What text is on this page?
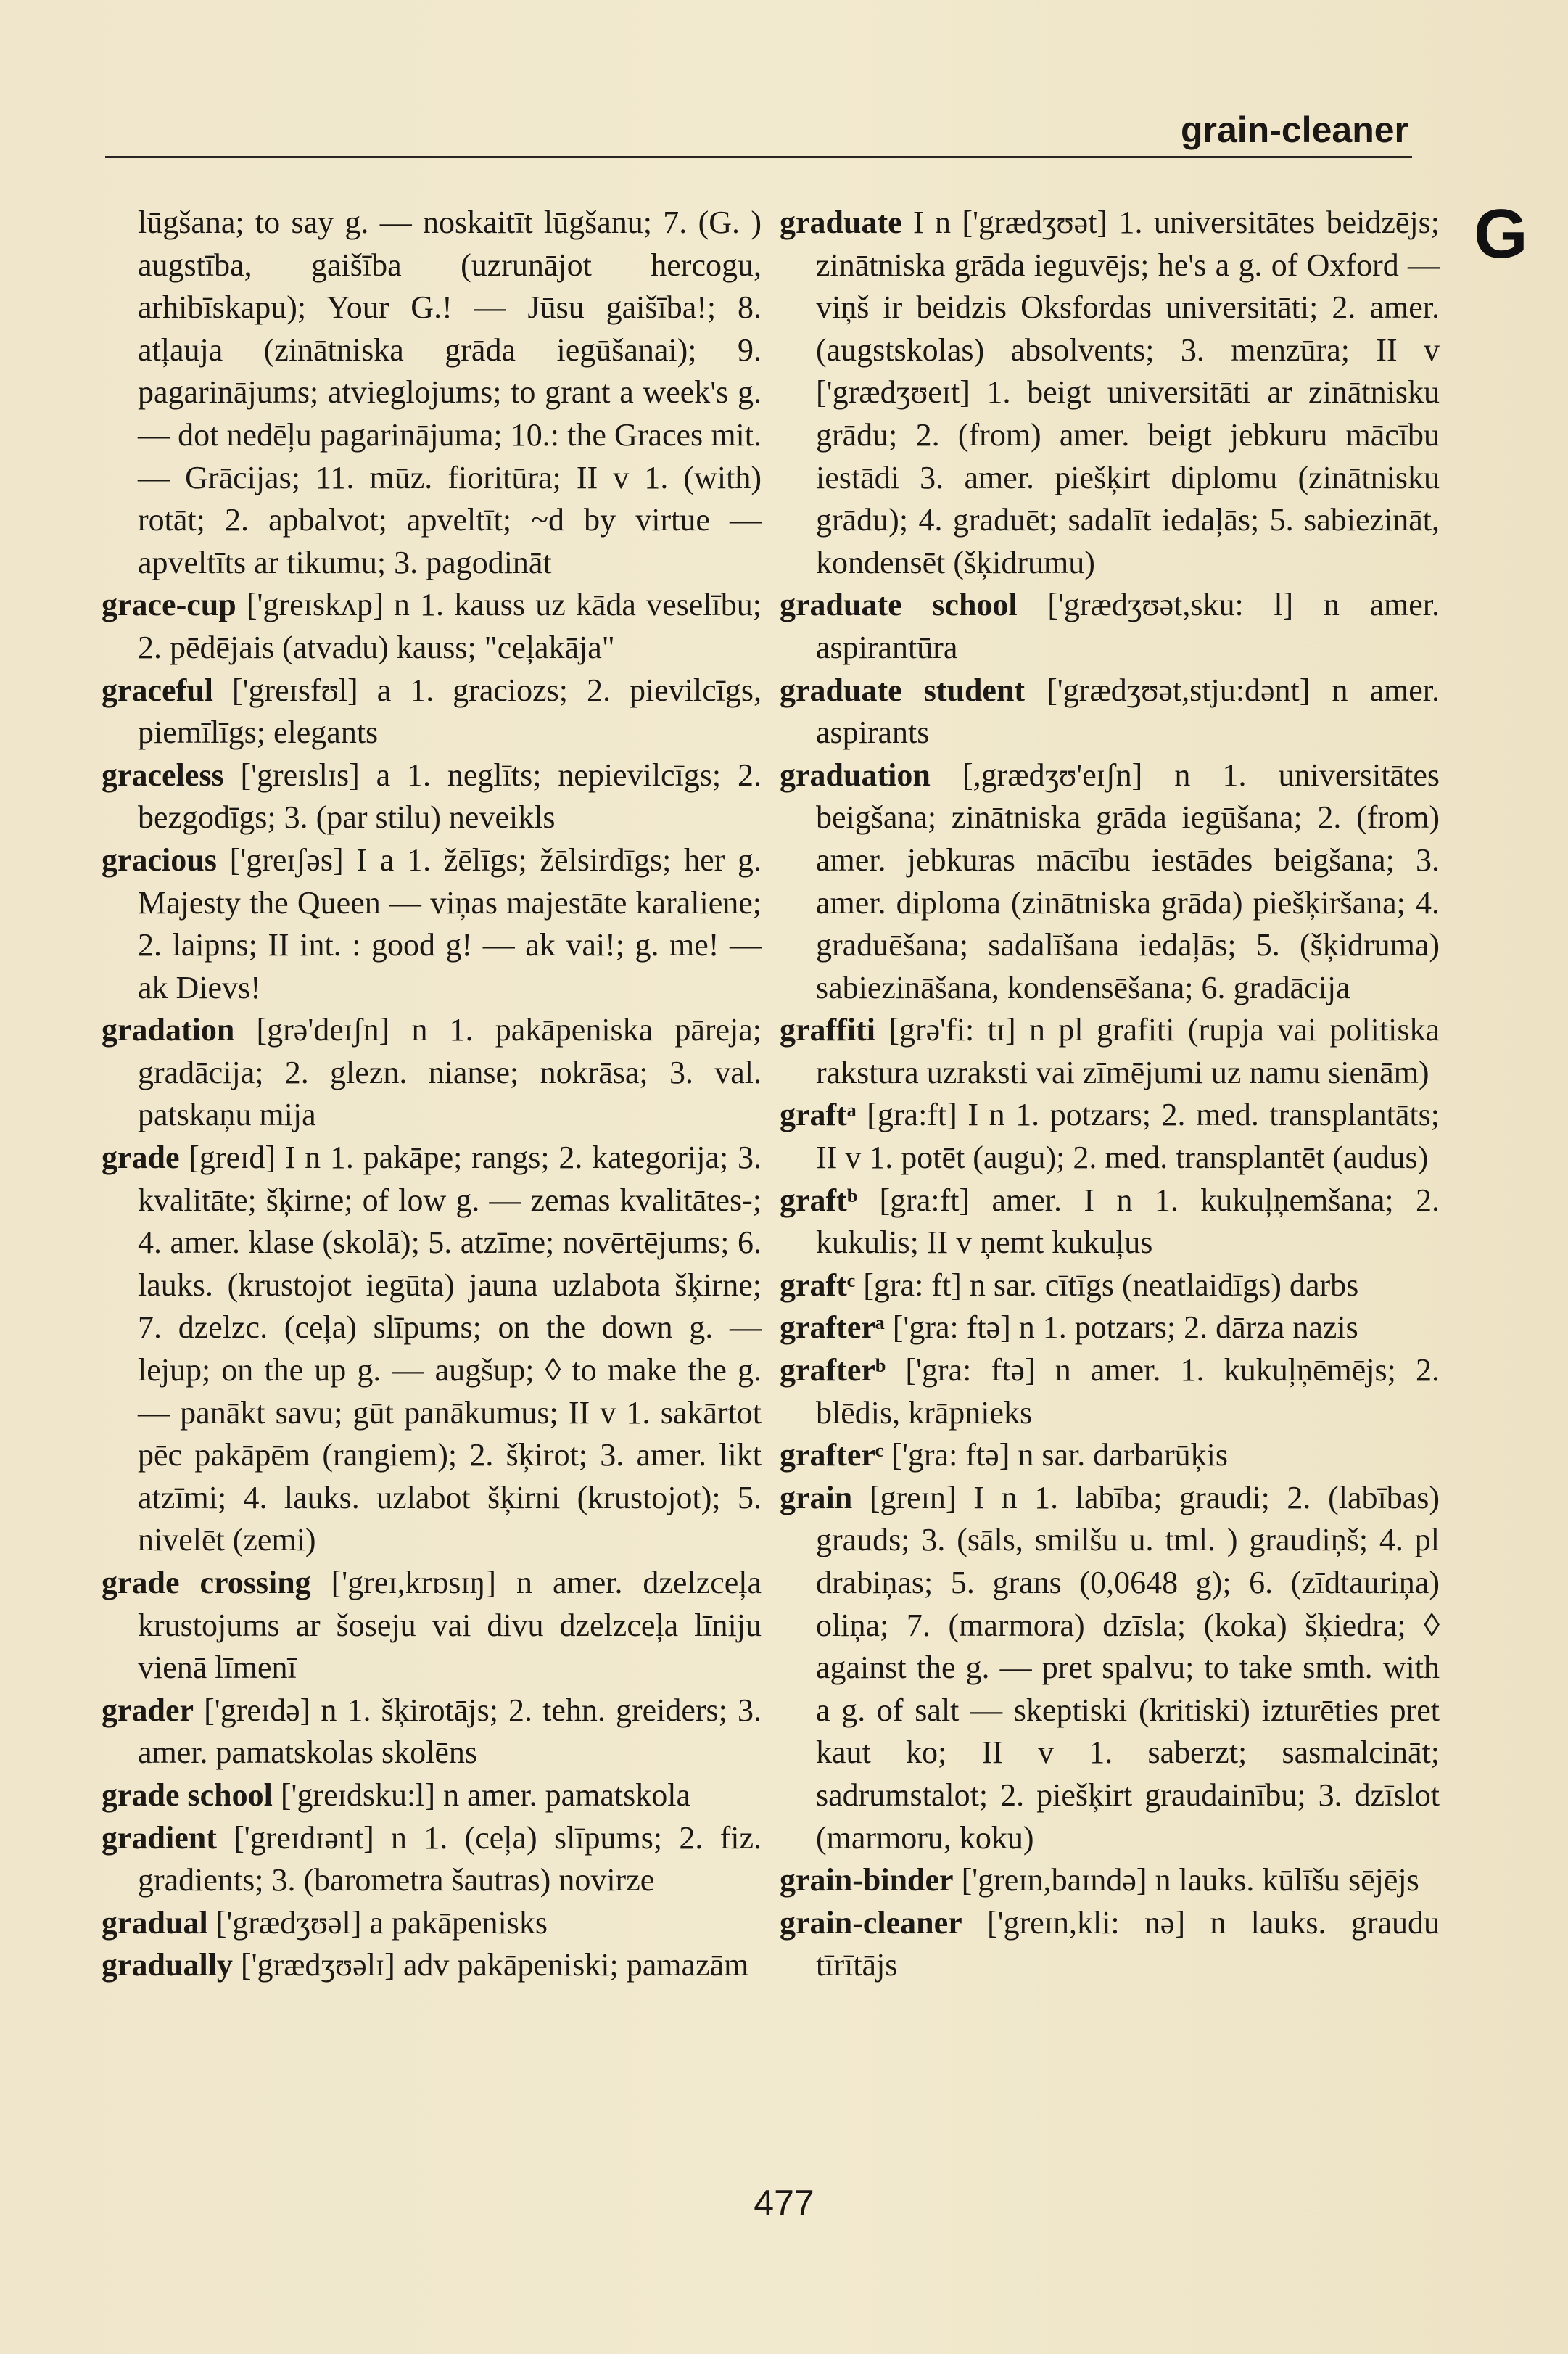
grain-cleaner
G

lūgšana; to say g. — noskaitīt lūgšanu; 7. (G. ) augstība, gaišība (uzrunājot hercogu, arhibīskapu); Your G.! — Jūsu gaišība!; 8. atļauja (zinātniska grāda iegūšanai); 9. pagarinājums; atvieglojums; to grant a week's g. — dot nedēļu pagarinājuma; 10.: the Graces mit. — Grācijas; 11. mūz. fioritūra; II v 1. (with) rotāt; 2. apbalvot; apveltīt; ~d by virtue — apveltīts ar tikumu; 3. pagodināt

grace-cup ['greɪskʌp] n 1. kauss uz kāda veselību; 2. pēdējais (atvadu) kauss; "ceļakāja"

graceful ['greɪsfʊl] a 1. graciozs; 2. pievilcīgs, piemīlīgs; elegants

graceless ['greɪslɪs] a 1. neglīts; nepievilcīgs; 2. bezgodīgs; 3. (par stilu) neveikls

gracious ['greɪʃəs] I a 1. žēlīgs; žēlsirdīgs; her g. Majesty the Queen — viņas majestāte karaliene; 2. laipns; II int. : good g! — ak vai!; g. me! — ak Dievs!

gradation [grə'deɪʃn] n 1. pakāpeniska pāreja; gradācija; 2. glezn. nianse; nokrāsa; 3. val. patskaņu mija

grade [greɪd] I n 1. pakāpe; rangs; 2. kategorija; 3. kvalitāte; šķirne; of low g. — zemas kvalitātes-; 4. amer. klase (skolā); 5. atzīme; novērtējums; 6. lauks. (krustojot iegūta) jauna uzlabota šķirne; 7. dzelzc. (ceļa) slīpums; on the down g. — lejup; on the up g. — augšup; ◊ to make the g. — panākt savu; gūt panākumus; II v 1. sakārtot pēc pakāpēm (rangiem); 2. šķirot; 3. amer. likt atzīmi; 4. lauks. uzlabot šķirni (krustojot); 5. nivelēt (zemi)

grade crossing ['greɪ,krɒsɪŋ] n amer. dzelzceļa krustojums ar šoseju vai divu dzelzceļa līniju vienā līmenī

grader ['greɪdə] n 1. šķirotājs; 2. tehn. greiders; 3. amer. pamatskolas skolēns

grade school ['greɪdsku:l] n amer. pamatskola

gradient ['greɪdɪənt] n 1. (ceļa) slīpums; 2. fiz. gradients; 3. (barometra šautras) novirze

gradual ['grædʒʊəl] a pakāpenisks

gradually ['grædʒʊəlɪ] adv pakāpeniski; pamazām

graduate I n ['grædʒʊət] 1. universitātes beidzējs; zinātniska grāda ieguvējs; he's a g. of Oxford — viņš ir beidzis Oksfordas universitāti; 2. amer. (augstskolas) absolvents; 3. menzūra; II v ['grædʒʊeɪt] 1. beigt universitāti ar zinātnisku grādu; 2. (from) amer. beigt jebkuru mācību iestādi 3. amer. piešķirt diplomu (zinātnisku grādu); 4. graduēt; sadalīt iedaļās; 5. sabiezināt, kondensēt (šķidrumu)

graduate school ['grædʒʊət,sku: l] n amer. aspirantūra

graduate student ['grædʒʊət,stju:dənt] n amer. aspirants

graduation [,grædʒʊ'eɪʃn] n 1. universitātes beigšana; zinātniska grāda iegūšana; 2. (from) amer. jebkuras mācību iestādes beigšana; 3. amer. diploma (zinātniska grāda) piešķiršana; 4. graduēšana; sadalīšana iedaļās; 5. (šķidruma) sabiezināšana, kondensēšana; 6. gradācija

graffiti [grə'fi: tɪ] n pl grafiti (rupja vai politiska rakstura uzraksti vai zīmējumi uz namu sienām)

graftᵃ [gra:ft] I n 1. potzars; 2. med. transplantāts; II v 1. potēt (augu); 2. med. transplantēt (audus)

graftᵇ [gra:ft] amer. I n 1. kukuļņemšana; 2. kukulis; II v ņemt kukuļus

graftᶜ [gra: ft] n sar. cītīgs (neatlaidīgs) darbs

grafterᵃ ['gra: ftə] n 1. potzars; 2. dārza nazis

grafterᵇ ['gra: ftə] n amer. 1. kukuļņēmējs; 2. blēdis, krāpnieks

grafterᶜ ['gra: ftə] n sar. darbarūķis

grain [greɪn] I n 1. labība; graudi; 2. (labības) grauds; 3. (sāls, smilšu u. tml. ) graudiņš; 4. pl drabiņas; 5. grans (0,0648 g); 6. (zīdtauriņa) oliņa; 7. (marmora) dzīsla; (koka) šķiedra; ◊ against the g. — pret spalvu; to take smth. with a g. of salt — skeptiski (kritiski) izturēties pret kaut ko; II v 1. saberzt; sasmalcināt; sadrumstalot; 2. piešķirt graudainību; 3. dzīslot (marmoru, koku)

grain-binder ['greɪn,baɪndə] n lauks. kūlīšu sējējs

grain-cleaner ['greɪn,kli: nə] n lauks. graudu tīrītājs

477
